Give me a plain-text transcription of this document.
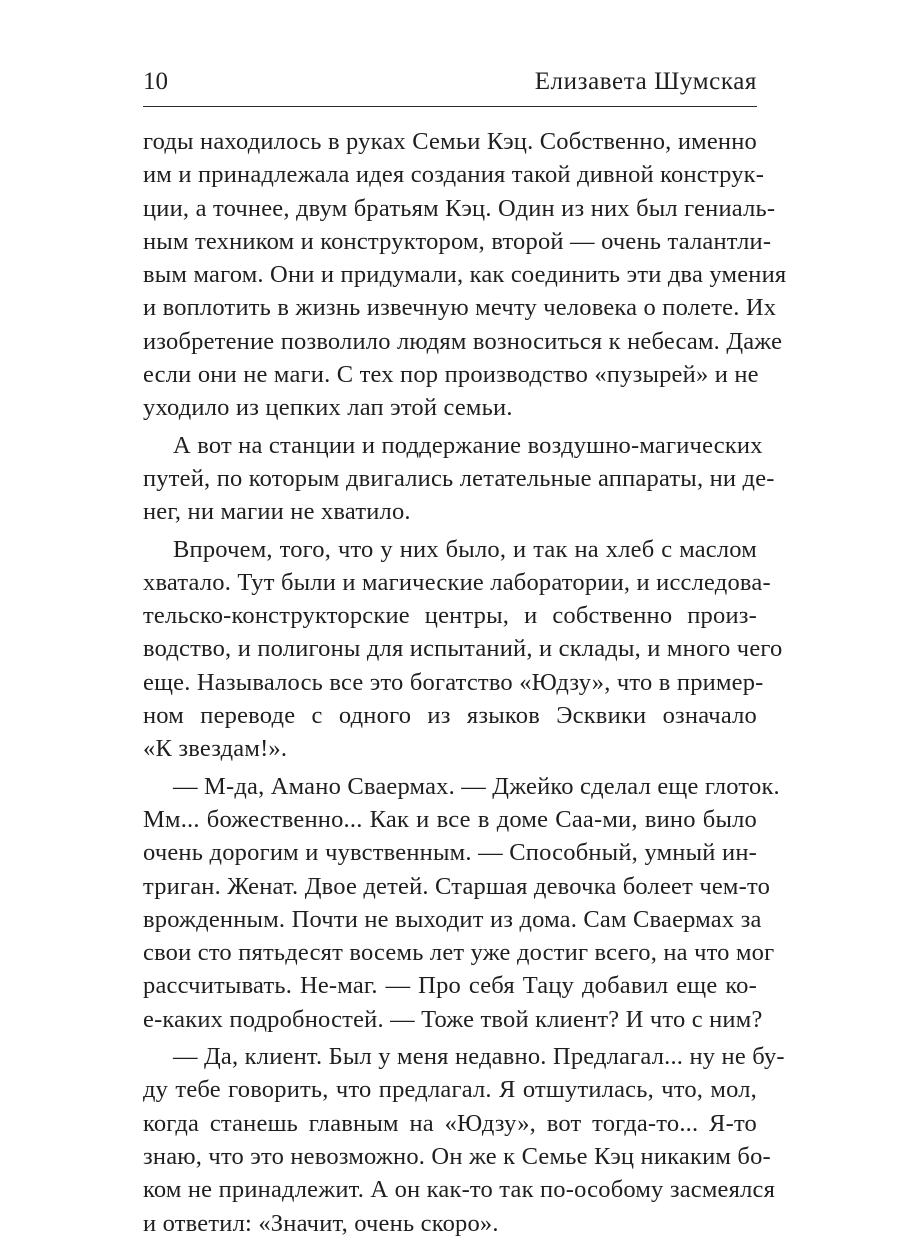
10	Елизавета Шумская
годы находилось в руках Семьи Кэц. Собственно, именно
им и принадлежала идея создания такой дивной конструк-
ции, а точнее, двум братьям Кэц. Один из них был гениаль-
ным техником и конструктором, второй — очень талантли-
вым магом. Они и придумали, как соединить эти два умения
и воплотить в жизнь извечную мечту человека о полете. Их
изобретение позволило людям возноситься к небесам. Даже
если они не маги. С тех пор производство «пузырей» и не
уходило из цепких лап этой семьи.
А вот на станции и поддержание воздушно-магических
путей, по которым двигались летательные аппараты, ни де-
нег, ни магии не хватило.
Впрочем, того, что у них было, и так на хлеб с маслом
хватало. Тут были и магические лаборатории, и исследова-
тельско-конструкторские центры, и собственно произ-
водство, и полигоны для испытаний, и склады, и много чего
еще. Называлось все это богатство «Юдзу», что в пример-
ном переводе с одного из языков Эсквики означало
«К звездам!».
— М-да, Амано Сваермах. — Джейко сделал еще глоток.
Мм... божественно... Как и все в доме Саа-ми, вино было
очень дорогим и чувственным. — Способный, умный ин-
триган. Женат. Двое детей. Старшая девочка болеет чем-то
врожденным. Почти не выходит из дома. Сам Сваермах за
свои сто пятьдесят восемь лет уже достиг всего, на что мог
рассчитывать. Не-маг. — Про себя Тацу добавил еще ко-
е-каких подробностей. — Тоже твой клиент? И что с ним?
— Да, клиент. Был у меня недавно. Предлагал... ну не бу-
ду тебе говорить, что предлагал. Я отшутилась, что, мол,
когда станешь главным на «Юдзу», вот тогда-то... Я-то
знаю, что это невозможно. Он же к Семье Кэц никаким бо-
ком не принадлежит. А он как-то так по-особому засмеялся
и ответил: «Значит, очень скоро».
